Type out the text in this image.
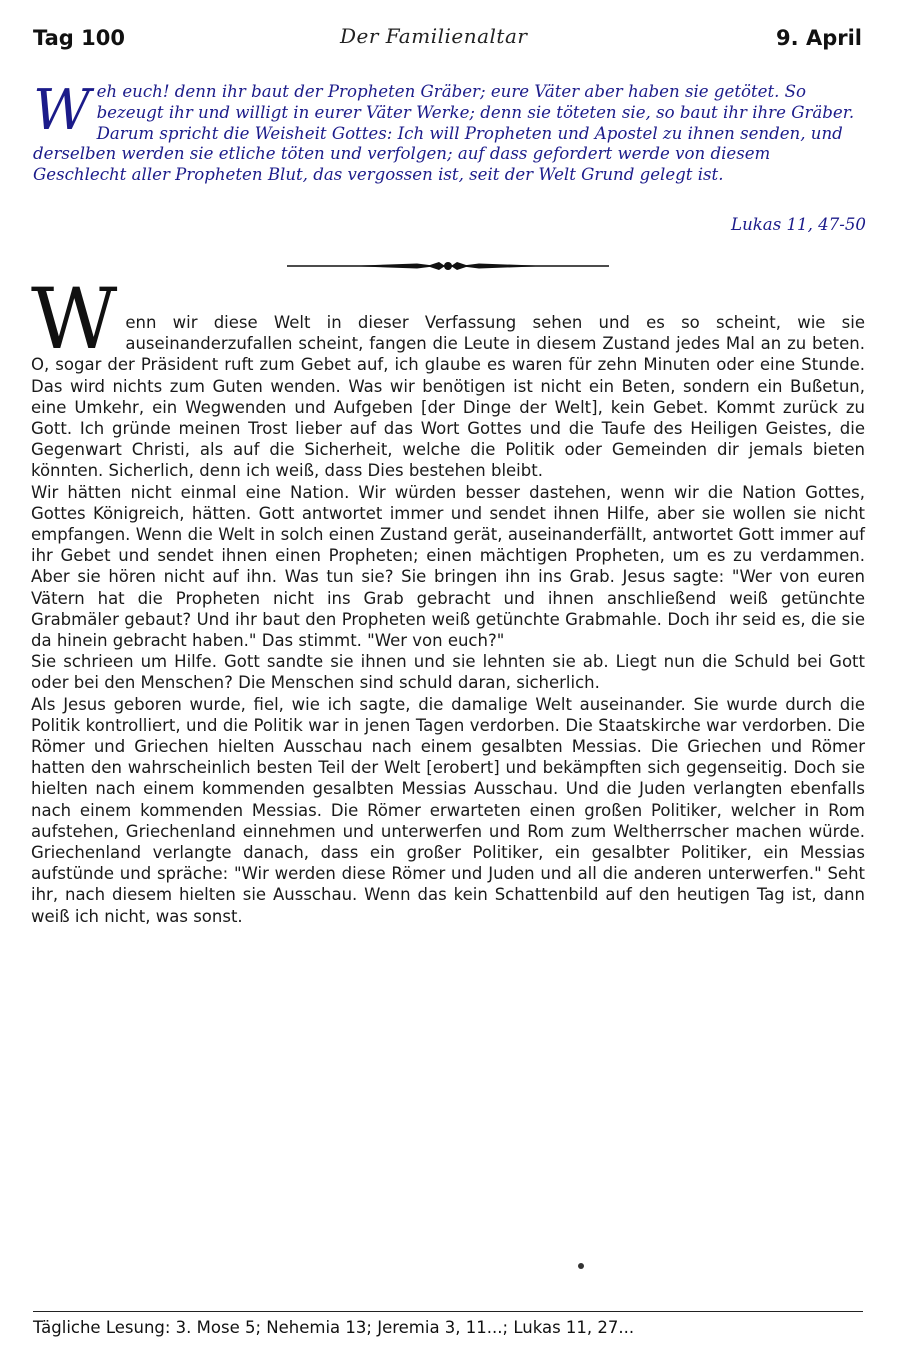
Tag 100	Der Familienaltar	9. April
W eh euch! denn ihr baut der Propheten Gräber; eure Väter aber haben sie getötet. So bezeugt ihr und willigt in eurer Väter Werke; denn sie töteten sie, so baut ihr ihre Gräber. Darum spricht die Weisheit Gottes: Ich will Propheten und Apostel zu ihnen senden, und derselben werden sie etliche töten und verfolgen; auf dass gefordert werde von diesem Geschlecht aller Propheten Blut, das vergossen ist, seit der Welt Grund gelegt ist.
Lukas 11, 47-50

Wenn wir diese Welt in dieser Verfassung sehen und es so scheint, wie sie auseinanderzufallen scheint, fangen die Leute in diesem Zustand jedes Mal an zu beten. O, sogar der Präsident ruft zum Gebet auf, ich glaube es waren für zehn Minuten oder eine Stunde. Das wird nichts zum Guten wenden. Was wir benötigen ist nicht ein Beten, sondern ein Bußetun, eine Umkehr, ein Wegwenden und Aufgeben [der Dinge der Welt], kein Gebet. Kommt zurück zu Gott. Ich gründe meinen Trost lieber auf das Wort Gottes und die Taufe des Heiligen Geistes, die Gegenwart Christi, als auf die Sicherheit, welche die Politik oder Gemeinden dir jemals bieten könnten. Sicherlich, denn ich weiß, dass Dies bestehen bleibt.

Wir hätten nicht einmal eine Nation. Wir würden besser dastehen, wenn wir die Nation Gottes, Gottes Königreich, hätten. Gott antwortet immer und sendet ihnen Hilfe, aber sie wollen sie nicht empfangen. Wenn die Welt in solch einen Zustand gerät, auseinanderfällt, antwortet Gott immer auf ihr Gebet und sendet ihnen einen Propheten; einen mächtigen Propheten, um es zu verdammen. Aber sie hören nicht auf ihn. Was tun sie? Sie bringen ihn ins Grab. Jesus sagte: "Wer von euren Vätern hat die Propheten nicht ins Grab gebracht und ihnen anschließend weiß getünchte Grabmäler gebaut? Und ihr baut den Propheten weiß getünchte Grabmahle. Doch ihr seid es, die sie da hinein gebracht haben." Das stimmt. "Wer von euch?"

Sie schrieen um Hilfe. Gott sandte sie ihnen und sie lehnten sie ab. Liegt nun die Schuld bei Gott oder bei den Menschen? Die Menschen sind schuld daran, sicherlich.

Als Jesus geboren wurde, fiel, wie ich sagte, die damalige Welt auseinander. Sie wurde durch die Politik kontrolliert, und die Politik war in jenen Tagen verdorben. Die Staatskirche war verdorben. Die Römer und Griechen hielten Ausschau nach einem gesalbten Messias. Die Griechen und Römer hatten den wahrscheinlich besten Teil der Welt [erobert] und bekämpften sich gegenseitig. Doch sie hielten nach einem kommenden gesalbten Messias Ausschau. Und die Juden verlangten ebenfalls nach einem kommenden Messias. Die Römer erwarteten einen großen Politiker, welcher in Rom aufstehen, Griechenland einnehmen und unterwerfen und Rom zum Weltherrscher machen würde. Griechenland verlangte danach, dass ein großer Politiker, ein gesalbter Politiker, ein Messias aufstünde und spräche: "Wir werden diese Römer und Juden und all die anderen unterwerfen." Seht ihr, nach diesem hielten sie Ausschau. Wenn das kein Schattenbild auf den heutigen Tag ist, dann weiß ich nicht, was sonst.

Tägliche Lesung: 3. Mose 5; Nehemia 13; Jeremia 3, 11...; Lukas 11, 27...
